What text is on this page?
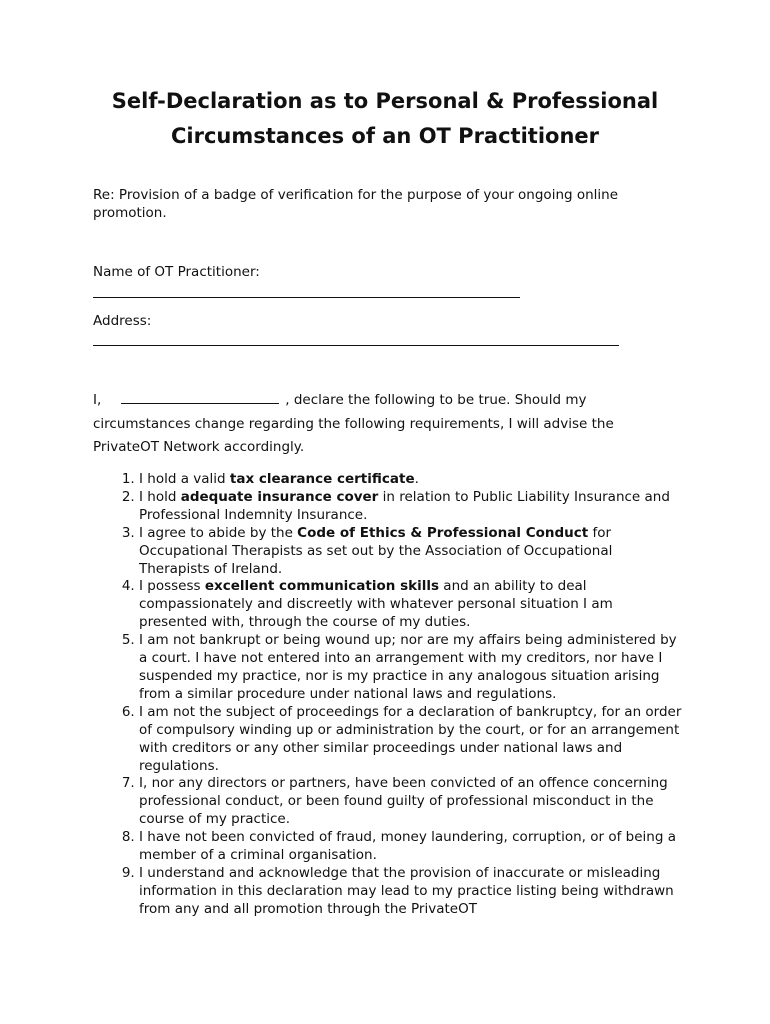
Self-Declaration as to Personal & Professional Circumstances of an OT Practitioner

Re: Provision of a badge of verification for the purpose of your ongoing online promotion.

Name of OT Practitioner:

Address:

I,	, declare the following to be true. Should my circumstances change regarding the following requirements, I will advise the PrivateOT Network accordingly.

1. I hold a valid tax clearance certificate.
2. I hold adequate insurance cover in relation to Public Liability Insurance and Professional Indemnity Insurance.
3. I agree to abide by the Code of Ethics & Professional Conduct for Occupational Therapists as set out by the Association of Occupational Therapists of Ireland.
4. I possess excellent communication skills and an ability to deal compassionately and discreetly with whatever personal situation I am presented with, through the course of my duties.
5. I am not bankrupt or being wound up; nor are my affairs being administered by a court. I have not entered into an arrangement with my creditors, nor have I suspended my practice, nor is my practice in any analogous situation arising from a similar procedure under national laws and regulations.
6. I am not the subject of proceedings for a declaration of bankruptcy, for an order of compulsory winding up or administration by the court, or for an arrangement with creditors or any other similar proceedings under national laws and regulations.
7. I, nor any directors or partners, have been convicted of an offence concerning professional conduct, or been found guilty of professional misconduct in the course of my practice.
8. I have not been convicted of fraud, money laundering, corruption, or of being a member of a criminal organisation.
9. I understand and acknowledge that the provision of inaccurate or misleading information in this declaration may lead to my practice listing being withdrawn from any and all promotion through the PrivateOT
